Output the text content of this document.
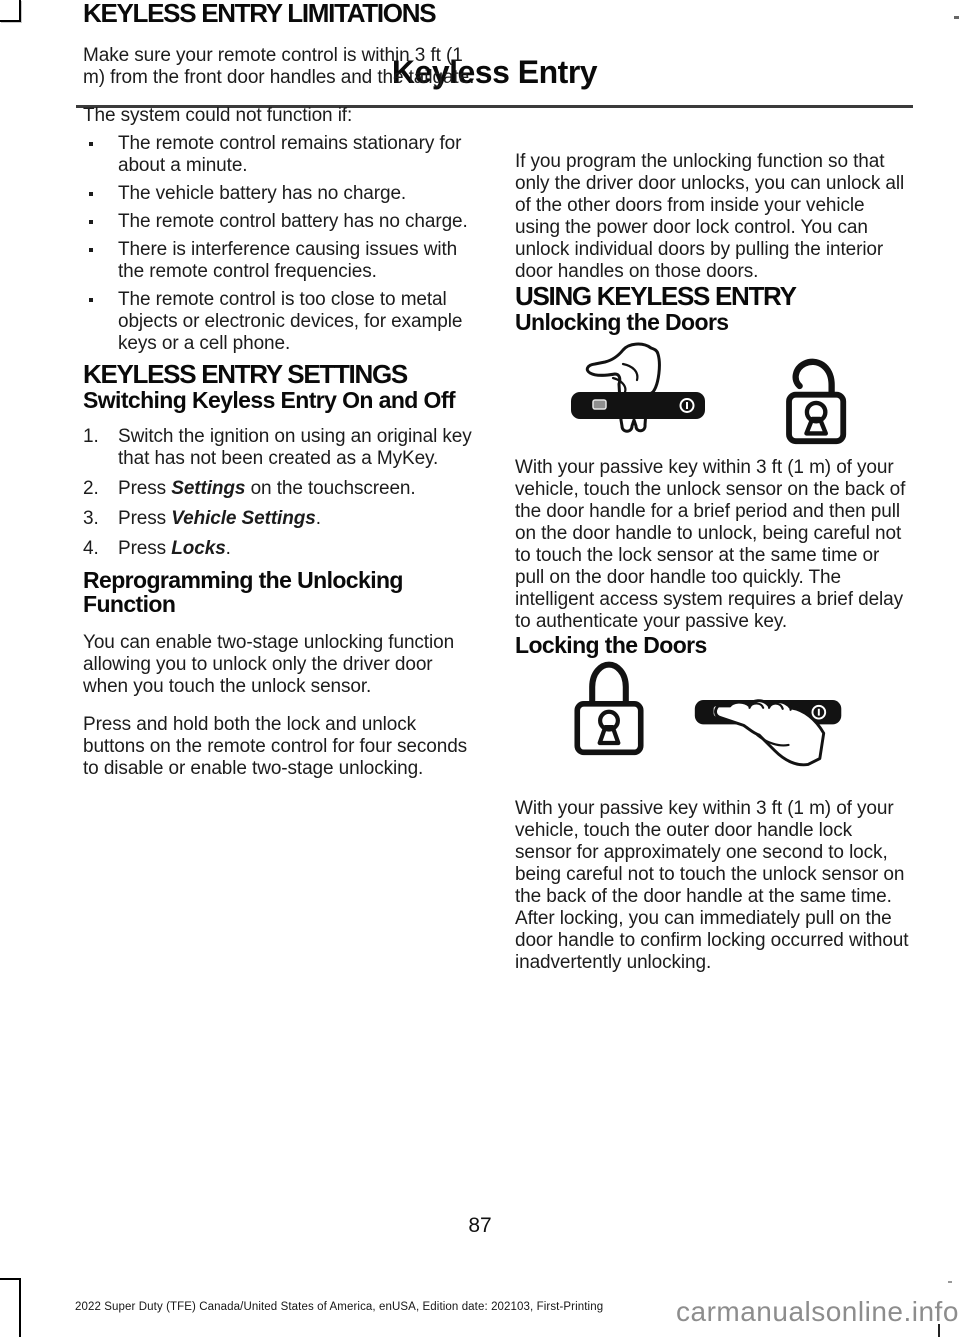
Keyless Entry
KEYLESS ENTRY LIMITATIONS

Make sure your remote control is within 3 ft (1 m) from the front door handles and the tailgate.

The system could not function if:

The remote control remains stationary for about a minute.
The vehicle battery has no charge.
The remote control battery has no charge.
There is interference causing issues with the remote control frequencies.
The remote control is too close to metal objects or electronic devices, for example keys or a cell phone.
KEYLESS ENTRY SETTINGS
Switching Keyless Entry On and Off
1. Switch the ignition on using an original key that has not been created as a MyKey.
2. Press Settings on the touchscreen.
3. Press Vehicle Settings.
4. Press Locks.
Reprogramming the Unlocking Function

You can enable two-stage unlocking function allowing you to unlock only the driver door when you touch the unlock sensor.

Press and hold both the lock and unlock buttons on the remote control for four seconds to disable or enable two-stage unlocking.

If you program the unlocking function so that only the driver door unlocks, you can unlock all of the other doors from inside your vehicle using the power door lock control. You can unlock individual doors by pulling the interior door handles on those doors.

USING KEYLESS ENTRY
Unlocking the Doors

With your passive key within 3 ft (1 m) of your vehicle, touch the unlock sensor on the back of the door handle for a brief period and then pull on the door handle to unlock, being careful not to touch the lock sensor at the same time or pull on the door handle too quickly. The intelligent access system requires a brief delay to authenticate your passive key.

Locking the Doors

With your passive key within 3 ft (1 m) of your vehicle, touch the outer door handle lock sensor for approximately one second to lock, being careful not to touch the unlock sensor on the back of the door handle at the same time. After locking, you can immediately pull on the door handle to confirm locking occurred without inadvertently unlocking.

87
2022 Super Duty (TFE) Canada/United States of America, enUSA, Edition date: 202103, First-Printing	carmanualsonline.info
